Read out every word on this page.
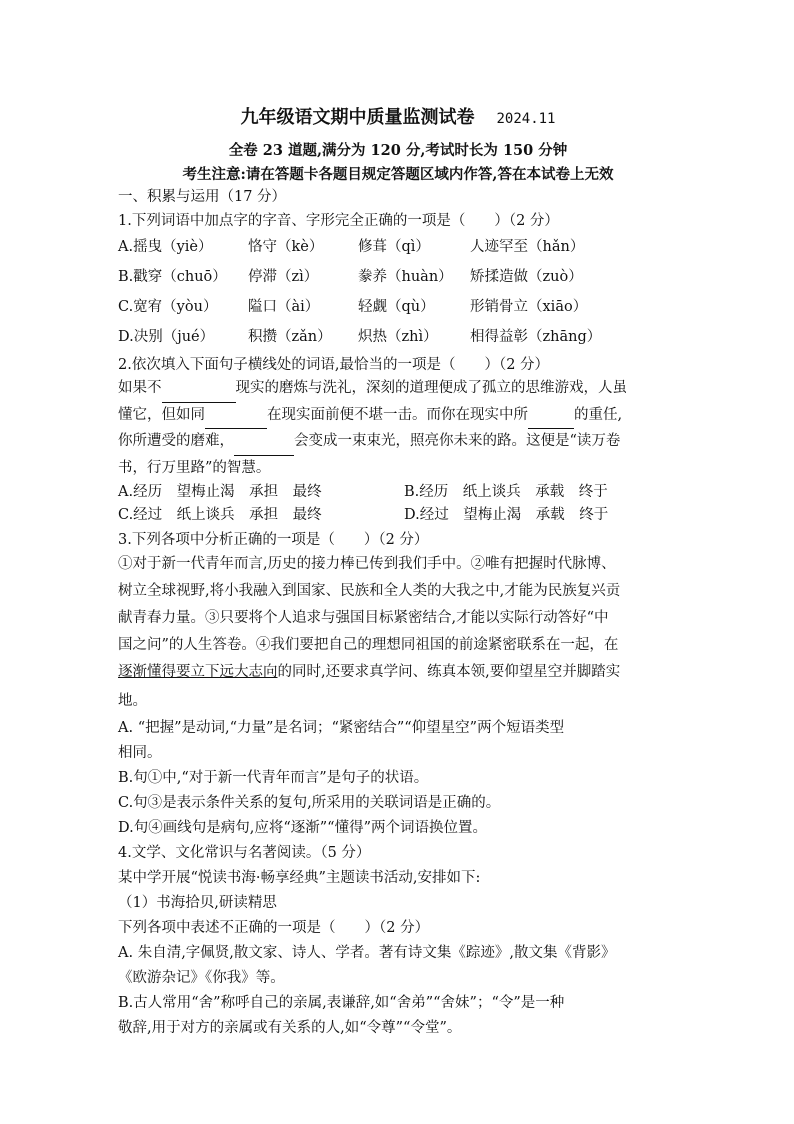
九年级语文期中质量监测试卷 2024.11
全卷 23 道题,满分为 120 分,考试时长为 150 分钟
考生注意:请在答题卡各题目规定答题区域内作答,答在本试卷上无效
一、积累与运用（17 分）
1.下列词语中加点字的字音、字形完全正确的一项是（　　）（2 分）
A.摇曳（yiè）	恪守（kè）	修葺（qì）	人迹罕至（hǎn）
B.戳穿（chuō）	停滞（zì）	豢养（huàn）	矫揉造做（zuò）
C.宽宥（yòu）	隘口（ài）	轻觑（qù）	形销骨立（xiāo）
D.决别（jué）	积攒（zǎn）	炽热（zhì）	相得益彰（zhāng）
2.依次填入下面句子横线处的词语,最恰当的一项是（　　）（2 分）
如果不	现实的磨炼与洗礼，深刻的道理便成了孤立的思维游戏，人虽
懂它，但如同	在现实面前便不堪一击。而你在现实中所	的重任,
你所遭受的磨难，	会变成一束束光，照亮你未来的路。这便是“读万卷
书，行万里路”的智慧。
A.经历　望梅止渴　承担　最终	B.经历　纸上谈兵　承载　终于
C.经过　纸上谈兵　承担　最终	D.经过　望梅止渴　承载　终于
3.下列各项中分析正确的一项是（　　）（2 分）
①对于新一代青年而言,历史的接力棒已传到我们手中。②唯有把握时代脉博、
树立全球视野,将小我融入到国家、民族和全人类的大我之中,才能为民族复兴贡
献青春力量。③只要将个人追求与强国目标紧密结合,才能以实际行动答好“中
国之问”的人生答卷。④我们要把自己的理想同祖国的前途紧密联系在一起，在
逐渐懂得要立下远大志向的同时,还要求真学问、练真本领,要仰望星空并脚踏实
地。
A. “把握”是动词,“力量”是名词；“紧密结合”“仰望星空”两个短语类型
相同。
B.句①中,“对于新一代青年而言”是句子的状语。
C.句③是表示条件关系的复句,所采用的关联词语是正确的。
D.句④画线句是病句,应将“逐渐”“懂得”两个词语换位置。
4.文学、文化常识与名著阅读。（5 分）
某中学开展“悦读书海·畅享经典”主题读书活动,安排如下:
（1）书海拾贝,研读精思
下列各项中表述不正确的一项是（　　）（2 分）
A. 朱自清,字佩贤,散文家、诗人、学者。著有诗文集《踪迹》,散文集《背影》
《欧游杂记》《你我》等。
B.古人常用“舍”称呼自己的亲属,表谦辞,如“舍弟”“舍妹”；“令”是一种
敬辞,用于对方的亲属或有关系的人,如“令尊”“令堂”。
